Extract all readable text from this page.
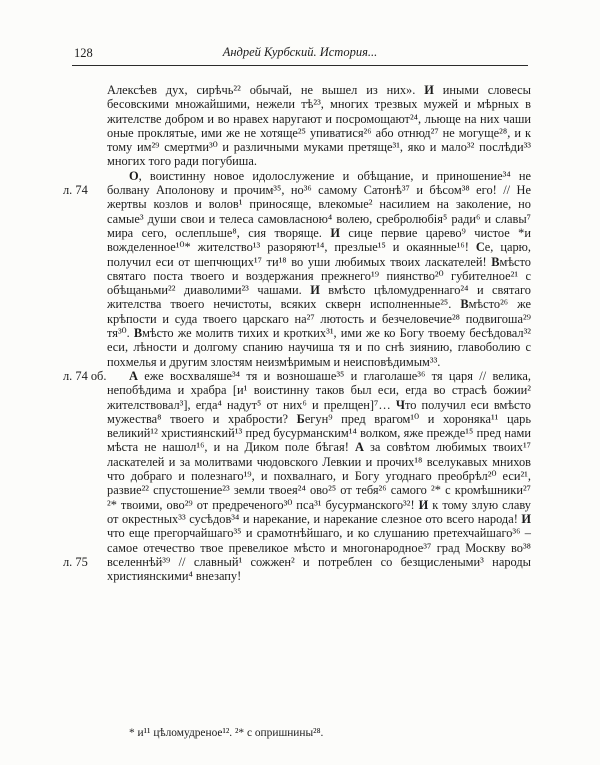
128	Андрей Курбский. История...

Алексѣев дух, сирѣчь²² обычай, не вышел из них». И иными словесы бесовскими множайшими, нежели тѣ²³, многих трезвых мужей и мѣрных в жителстве добром и во нравех наругают и посромощают²⁴, льюще на них чаши оные проклятые, ими же не хотяще²⁵ упиватися²⁶ або отнюд²⁷ не могуще²⁸, и к тому им²⁹ смертми³⁰ и различными муками претяще³¹, яко и мало³² послѣди³³ многих того ради погубиша.

О, воистинну новое идолослужение и обѣщание, и приношение³⁴ не болвану Аполонову и прочим³⁵, но³⁶ самому Сатонѣ³⁷ и бѣсом³⁸ его! //
л. 74	Не жертвы козлов и волов¹ приносяще, влекомые² насилием на заколение, но самые³ души свои и телеса самовласною⁴ волею, сребролюбія⁵ ради⁶ и славы⁷ мира сего, ослепльше⁸, сия творяще. И сице первие царево⁹ чистое *и вожделенное¹⁰* жителство¹³ разоряют¹⁴, презлые¹⁵ и окаянные¹⁶! Се, царю, получил еси от шепчющих¹⁷ ти¹⁸ во уши любимых твоих ласкателей! Вмѣсто святаго поста твоего и воздержания прежнего¹⁹ пиянство²⁰ губителное²¹ с обѣщаньми²² диаволими²³ чашами. И вмѣсто цѣломудреннаго²⁴ и святаго жителства твоего нечистоты, всяких скверн исполненные²⁵. Вмѣсто²⁶ же крѣпости и суда твоего царскаго на²⁷ лютость и безчеловечие²⁸ подвигоша²⁹ тя³⁰. Вмѣсто же молитв тихих и кротких³¹, ими же ко Богу твоему бесѣдовал³² еси, лѣности и долгому спанию научиша тя и по снѣ зиянию, главоболию с похмелья и другим злостям неизмѣримым и неисповѣдимым³³.

А еже восхваляше³⁴ тя и возношаше³⁵ и глаголаше³⁶ тя царя //
л. 74 об.	велика, непобѣдима и храбра [и¹ воистинну таков был еси, егда во страсѣ божии² жителствовал³], егда⁴ надут⁵ от них⁶ и прелщен]⁷… Что получил еси вмѣсто мужества⁸ твоего и храбрости? Бегун⁹ пред врагом¹⁰ и хороняка¹¹ царь великий¹² християнский¹³ пред бусурманским¹⁴ волком, яже прежде¹⁵ пред нами мѣста не нашол¹⁶, и на Диком поле бѣгая! А за совѣтом любимых твоих¹⁷ ласкателей и за молитвами чюдовского Левкии и прочих¹⁸ вселукавых мнихов что добраго и полезнаго¹⁹, и похвалнаго, и Богу угоднаго преобрѣл²⁰ еси²¹, развие²² спустошение²³ земли твоея²⁴ ово²⁵ от тебя²⁶ самого ²* с кромѣшники²⁷ ²* твоими, ово²⁹ от предреченого³⁰ пса³¹ бусурманского³²! И к тому злую славу от окрестных³³ сусѣдов³⁴ и нарекание, и нарекание слезное ото всего народа! И что еще прегорчайшаго³⁵ и срамотнѣйшаго, и ко слушанию претехчайшаго³⁶ – самое отечество твое превеликое мѣсто и многонародное³⁷ град Москву во³⁸ вселеннѣй³⁹ //
л. 75	славный¹ сожжен² и потреблен со безщислеными³ народы християнскими⁴ внезапу!

* и¹¹ цѣломудреное¹². ²* с опришнины²⁸.
